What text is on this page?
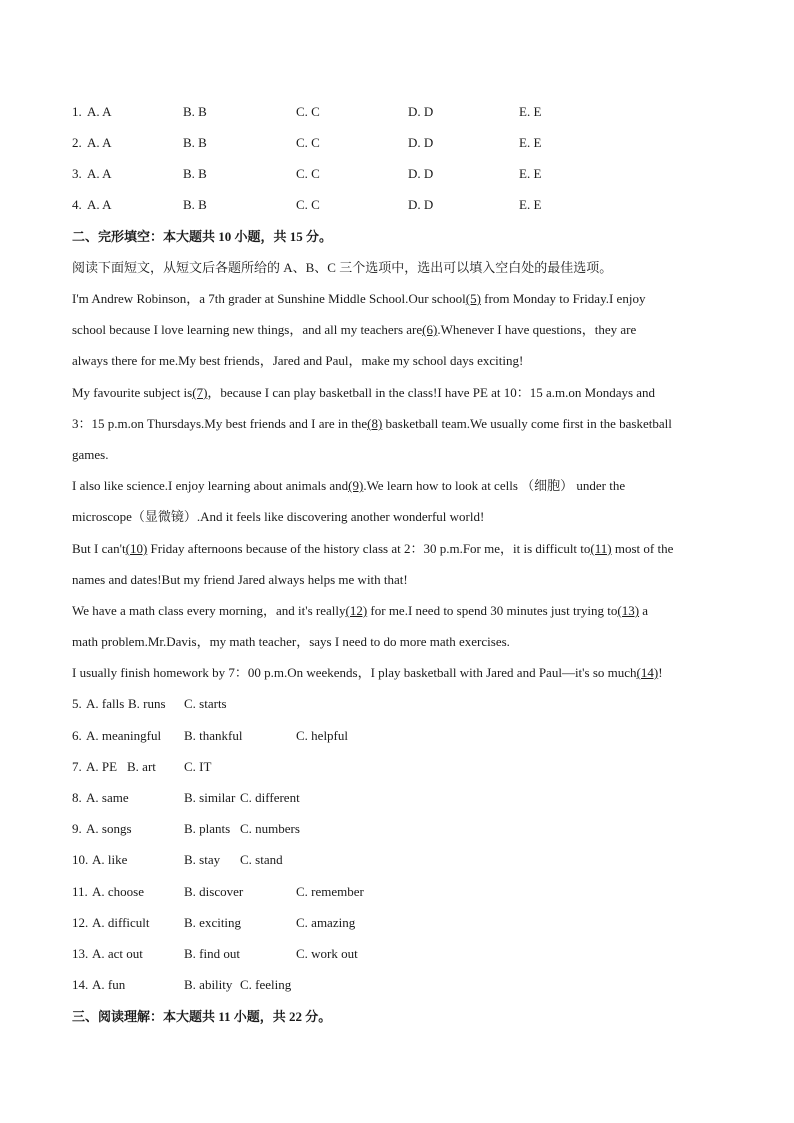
1. A. A	B. B	C. C	D. D	E. E
2. A. A	B. B	C. C	D. D	E. E
3. A. A	B. B	C. C	D. D	E. E
4. A. A	B. B	C. C	D. D	E. E
二、完形填空：本大题共 10 小题，共 15 分。
阅读下面短文，从短文后各题所给的 A、B、C 三个选项中，选出可以填入空白处的最佳选项。
I'm Andrew Robinson，a 7th grader at Sunshine Middle School.Our school(5) from Monday to Friday.I enjoy
school because I love learning new things，and all my teachers are(6).Whenever I have questions，they are
always there for me.My best friends，Jared and Paul，make my school days exciting!
My favourite subject is(7)，because I can play basketball in the class!I have PE at 10：15 a.m.on Mondays and
3：15 p.m.on Thursdays.My best friends and I are in the(8) basketball team.We usually come first in the basketball
games.
I also like science.I enjoy learning about animals and(9).We learn how to look at cells （细胞） under the
microscope（显微镜）.And it feels like discovering another wonderful world!
But I can't(10) Friday afternoons because of the history class at 2：30 p.m.For me，it is difficult to(11) most of the
names and dates!But my friend Jared always helps me with that!
We have a math class every morning，and it's really(12) for me.I need to spend 30 minutes just trying to(13) a
math problem.Mr.Davis，my math teacher，says I need to do more math exercises.
I usually finish homework by 7：00 p.m.On weekends，I play basketball with Jared and Paul—it's so much(14)!
5. A. falls B. runs C. starts
6. A. meaningful B. thankful	C. helpful
7. A. PE B. art C. IT
8. A. same	B. similar C. different
9. A. songs	B. plants C. numbers
10. A. like	B. stay C. stand
11. A. choose	B. discover	C. remember
12. A. difficult	B. exciting	C. amazing
13. A. act out	B. find out	C. work out
14. A. fun	B. ability C. feeling
三、阅读理解：本大题共 11 小题，共 22 分。
